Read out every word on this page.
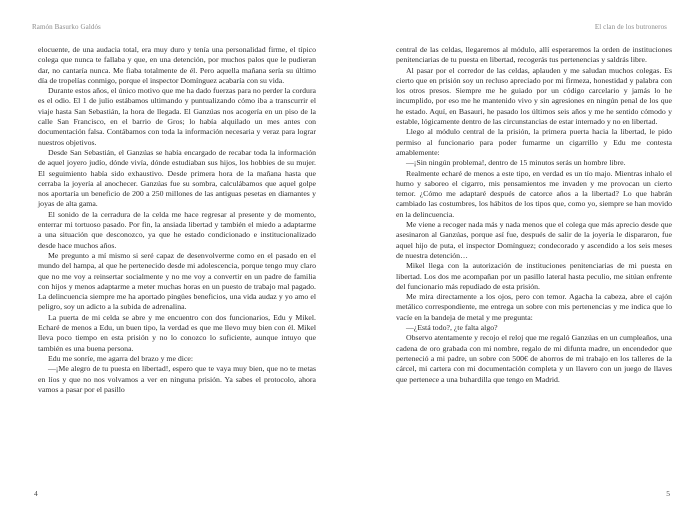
Ramón Basurko Galdós

elocuente, de una audacia total, era muy duro y tenía una personalidad firme, el típico colega que nunca te fallaba y que, en una detención, por muchos palos que le pudieran dar, no cantaría nunca. Me fiaba totalmente de él. Pero aquella mañana sería su último día de tropelías conmigo, porque el inspector Domínguez acabaría con su vida.

Durante estos años, el único motivo que me ha dado fuerzas para no perder la cordura es el odio. El 1 de julio estábamos ultimando y puntualizando cómo iba a transcurrir el viaje hasta San Sebastián, la hora de llegada. El Ganzúas nos acogería en un piso de la calle San Francisco, en el barrio de Gros; lo había alquilado un mes antes con documentación falsa. Contábamos con toda la información necesaria y veraz para lograr nuestros objetivos.

Desde San Sebastián, el Ganzúas se había encargado de recabar toda la información de aquel joyero judío, dónde vivía, dónde estudiaban sus hijos, los hobbies de su mujer. El seguimiento había sido exhaustivo. Desde primera hora de la mañana hasta que cerraba la joyería al anochecer. Ganzúas fue su sombra, calculábamos que aquel golpe nos aportaría un beneficio de 200 a 250 millones de las antiguas pesetas en diamantes y joyas de alta gama.

El sonido de la cerradura de la celda me hace regresar al presente y de momento, enterrar mi tortuoso pasado. Por fin, la ansiada libertad y también el miedo a adaptarme a una situación que desconozco, ya que he estado condicionado e institucionalizado desde hace muchos años.

Me pregunto a mí mismo si seré capaz de desenvolverme como en el pasado en el mundo del hampa, al que he pertenecido desde mi adolescencia, porque tengo muy claro que no me voy a reinsertar socialmente y no me voy a convertir en un padre de familia con hijos y menos adaptarme a meter muchas horas en un puesto de trabajo mal pagado. La delincuencia siempre me ha aportado pingües beneficios, una vida audaz y yo amo el peligro, soy un adicto a la subida de adrenalina.

La puerta de mi celda se abre y me encuentro con dos funcionarios, Edu y Mikel. Echaré de menos a Edu, un buen tipo, la verdad es que me llevo muy bien con él. Mikel lleva poco tiempo en esta prisión y no lo conozco lo suficiente, aunque intuyo que también es una buena persona.

Edu me sonríe, me agarra del brazo y me dice:

—¡Me alegro de tu puesta en libertad!, espero que te vaya muy bien, que no te metas en líos y que no nos volvamos a ver en ninguna prisión. Ya sabes el protocolo, ahora vamos a pasar por el pasillo

4
El clan de los butroneros

central de las celdas, llegaremos al módulo, allí esperaremos la orden de instituciones penitenciarias de tu puesta en libertad, recogerás tus pertenencias y saldrás libre.

Al pasar por el corredor de las celdas, aplauden y me saludan muchos colegas. Es cierto que en prisión soy un recluso apreciado por mi firmeza, honestidad y palabra con los otros presos. Siempre me he guiado por un código carcelario y jamás lo he incumplido, por eso me he mantenido vivo y sin agresiones en ningún penal de los que he estado. Aquí, en Basauri, he pasado los últimos seis años y me he sentido cómodo y estable, lógicamente dentro de las circunstancias de estar internado y no en libertad.

Llego al módulo central de la prisión, la primera puerta hacia la libertad, le pido permiso al funcionario para poder fumarme un cigarrillo y Edu me contesta amablemente:

—¡Sin ningún problema!, dentro de 15 minutos serás un hombre libre.

Realmente echaré de menos a este tipo, en verdad es un tío majo. Mientras inhalo el humo y saboreo el cigarro, mis pensamientos me invaden y me provocan un cierto temor. ¿Cómo me adaptaré después de catorce años a la libertad? Lo que habrán cambiado las costumbres, los hábitos de los tipos que, como yo, siempre se han movido en la delincuencia.

Me viene a recoger nada más y nada menos que el colega que más aprecio desde que asesinaron al Ganzúas, porque así fue, después de salir de la joyería le dispararon, fue aquel hijo de puta, el inspector Domínguez; condecorado y ascendido a los seis meses de nuestra detención…

Mikel llega con la autorización de instituciones penitenciarias de mi puesta en libertad. Los dos me acompañan por un pasillo lateral hasta peculio, me sitúan enfrente del funcionario más repudiado de esta prisión.

Me mira directamente a los ojos, pero con temor. Agacha la cabeza, abre el cajón metálico correspondiente, me entrega un sobre con mis pertenencias y me indica que lo vacíe en la bandeja de metal y me pregunta:

—¿Está todo?, ¿te falta algo?

Observo atentamente y recojo el reloj que me regaló Ganzúas en un cumpleaños, una cadena de oro grabada con mi nombre, regalo de mi difunta madre, un encendedor que perteneció a mi padre, un sobre con 500€ de ahorros de mi trabajo en los talleres de la cárcel, mi cartera con mi documentación completa y un llavero con un juego de llaves que pertenece a una buhardilla que tengo en Madrid.

5
